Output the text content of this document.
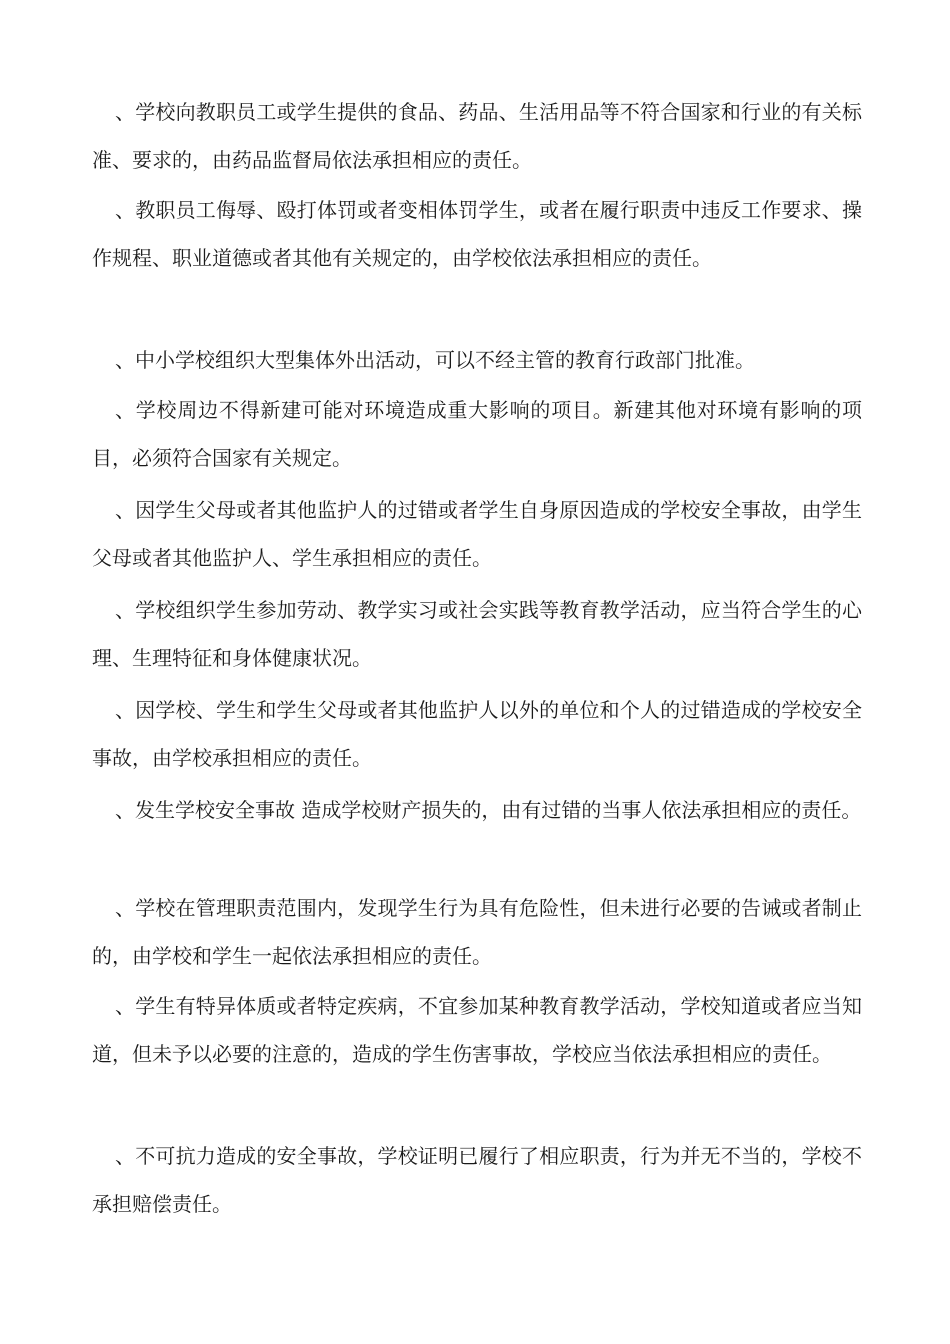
、学校向教职员工或学生提供的食品、药品、生活用品等不符合国家和行业的有关标准、要求的，由药品监督局依法承担相应的责任。

、教职员工侮辱、殴打体罚或者变相体罚学生，或者在履行职责中违反工作要求、操作规程、职业道德或者其他有关规定的，由学校依法承担相应的责任。

、中小学校组织大型集体外出活动，可以不经主管的教育行政部门批准。

、学校周边不得新建可能对环境造成重大影响的项目。新建其他对环境有影响的项目，必须符合国家有关规定。

、因学生父母或者其他监护人的过错或者学生自身原因造成的学校安全事故，由学生父母或者其他监护人、学生承担相应的责任。

、学校组织学生参加劳动、教学实习或社会实践等教育教学活动，应当符合学生的心理、生理特征和身体健康状况。

、因学校、学生和学生父母或者其他监护人以外的单位和个人的过错造成的学校安全事故，由学校承担相应的责任。

、发生学校安全事故 造成学校财产损失的，由有过错的当事人依法承担相应的责任。

、学校在管理职责范围内，发现学生行为具有危险性，但未进行必要的告诫或者制止的，由学校和学生一起依法承担相应的责任。

、学生有特异体质或者特定疾病，不宜参加某种教育教学活动，学校知道或者应当知道，但未予以必要的注意的，造成的学生伤害事故，学校应当依法承担相应的责任。

、不可抗力造成的安全事故，学校证明已履行了相应职责，行为并无不当的，学校不承担赔偿责任。
